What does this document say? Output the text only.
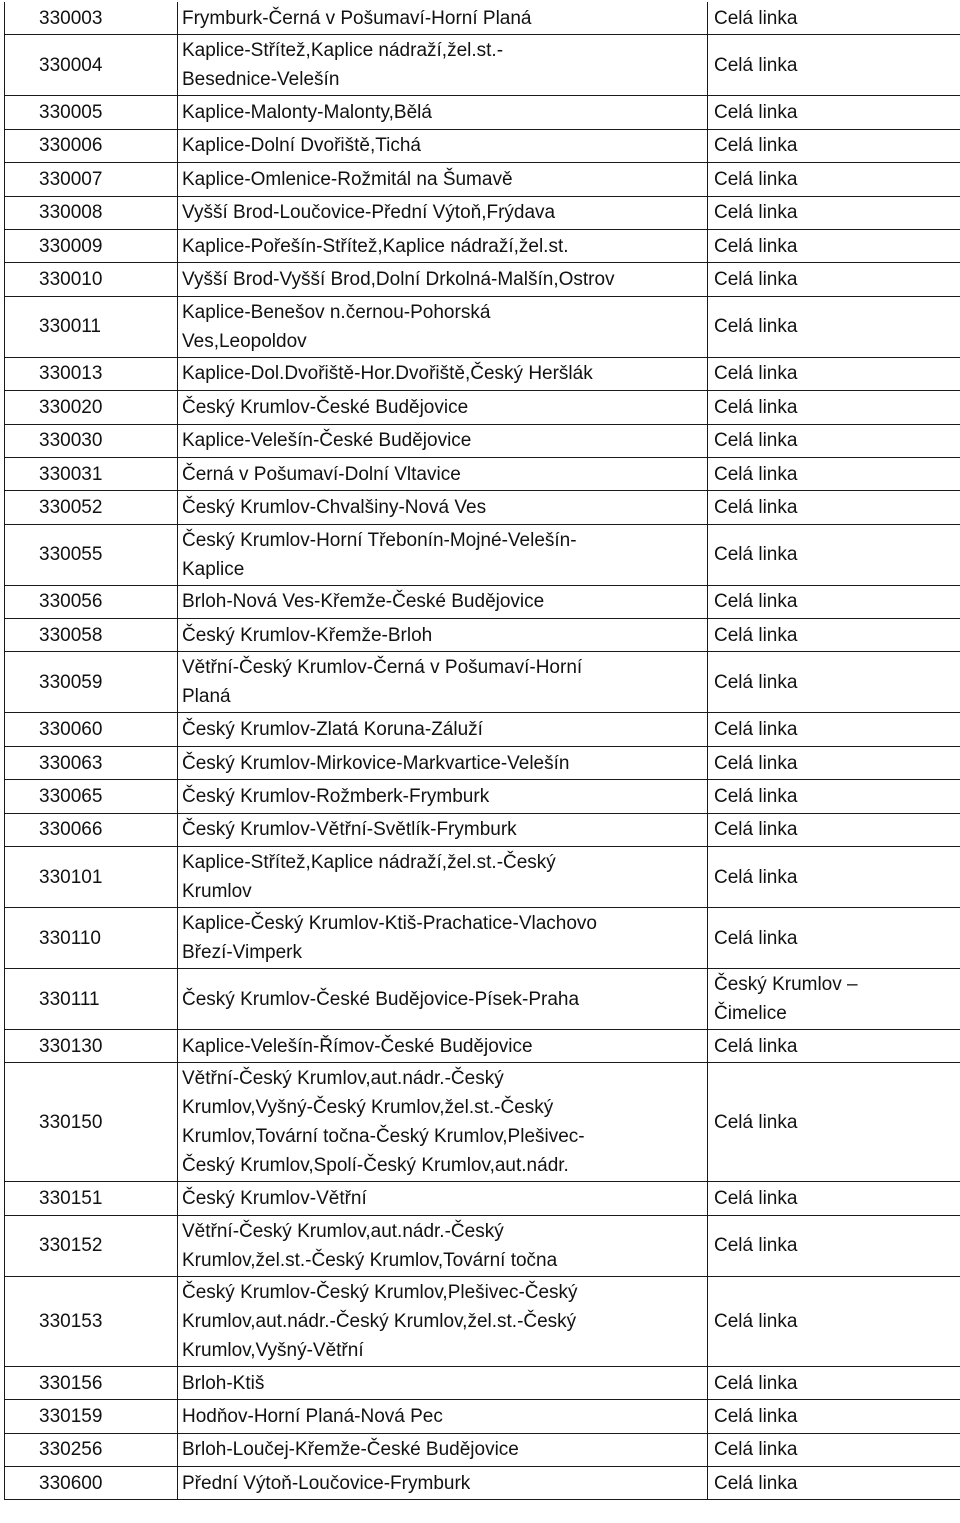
330003	Frymburk-Černá v Pošumaví-Horní Planá	Celá linka
330004	Kaplice-Střítež,Kaplice nádraží,žel.st.-Besednice-Velešín	Celá linka
330005	Kaplice-Malonty-Malonty,Bělá	Celá linka
330006	Kaplice-Dolní Dvořiště,Tichá	Celá linka
330007	Kaplice-Omlenice-Rožmitál na Šumavě	Celá linka
330008	Vyšší Brod-Loučovice-Přední Výtoň,Frýdava	Celá linka
330009	Kaplice-Pořešín-Střítež,Kaplice nádraží,žel.st.	Celá linka
330010	Vyšší Brod-Vyšší Brod,Dolní Drkolná-Malšín,Ostrov	Celá linka
330011	Kaplice-Benešov n.černou-Pohorská Ves,Leopoldov	Celá linka
330013	Kaplice-Dol.Dvořiště-Hor.Dvořiště,Český Heršlák	Celá linka
330020	Český Krumlov-České Budějovice	Celá linka
330030	Kaplice-Velešín-České Budějovice	Celá linka
330031	Černá v Pošumaví-Dolní Vltavice	Celá linka
330052	Český Krumlov-Chvalšiny-Nová Ves	Celá linka
330055	Český Krumlov-Horní Třebonín-Mojné-Velešín-Kaplice	Celá linka
330056	Brloh-Nová Ves-Křemže-České Budějovice	Celá linka
330058	Český Krumlov-Křemže-Brloh	Celá linka
330059	Větřní-Český Krumlov-Černá v Pošumaví-Horní Planá	Celá linka
330060	Český Krumlov-Zlatá Koruna-Záluží	Celá linka
330063	Český Krumlov-Mirkovice-Markvartice-Velešín	Celá linka
330065	Český Krumlov-Rožmberk-Frymburk	Celá linka
330066	Český Krumlov-Větřní-Světlík-Frymburk	Celá linka
330101	Kaplice-Střítež,Kaplice nádraží,žel.st.-Český Krumlov	Celá linka
330110	Kaplice-Český Krumlov-Ktiš-Prachatice-Vlachovo Březí-Vimperk	Celá linka
330111	Český Krumlov-České Budějovice-Písek-Praha	Český Krumlov – Čimelice
330130	Kaplice-Velešín-Římov-České Budějovice	Celá linka
330150	Větřní-Český Krumlov,aut.nádr.-Český Krumlov,Vyšný-Český Krumlov,žel.st.-Český Krumlov,Tovární točna-Český Krumlov,Plešivec-Český Krumlov,Spolí-Český Krumlov,aut.nádr.	Celá linka
330151	Český Krumlov-Větřní	Celá linka
330152	Větřní-Český Krumlov,aut.nádr.-Český Krumlov,žel.st.-Český Krumlov,Tovární točna	Celá linka
330153	Český Krumlov-Český Krumlov,Plešivec-Český Krumlov,aut.nádr.-Český Krumlov,žel.st.-Český Krumlov,Vyšný-Větřní	Celá linka
330156	Brloh-Ktiš	Celá linka
330159	Hodňov-Horní Planá-Nová Pec	Celá linka
330256	Brloh-Loučej-Křemže-České Budějovice	Celá linka
330600	Přední Výtoň-Loučovice-Frymburk	Celá linka
